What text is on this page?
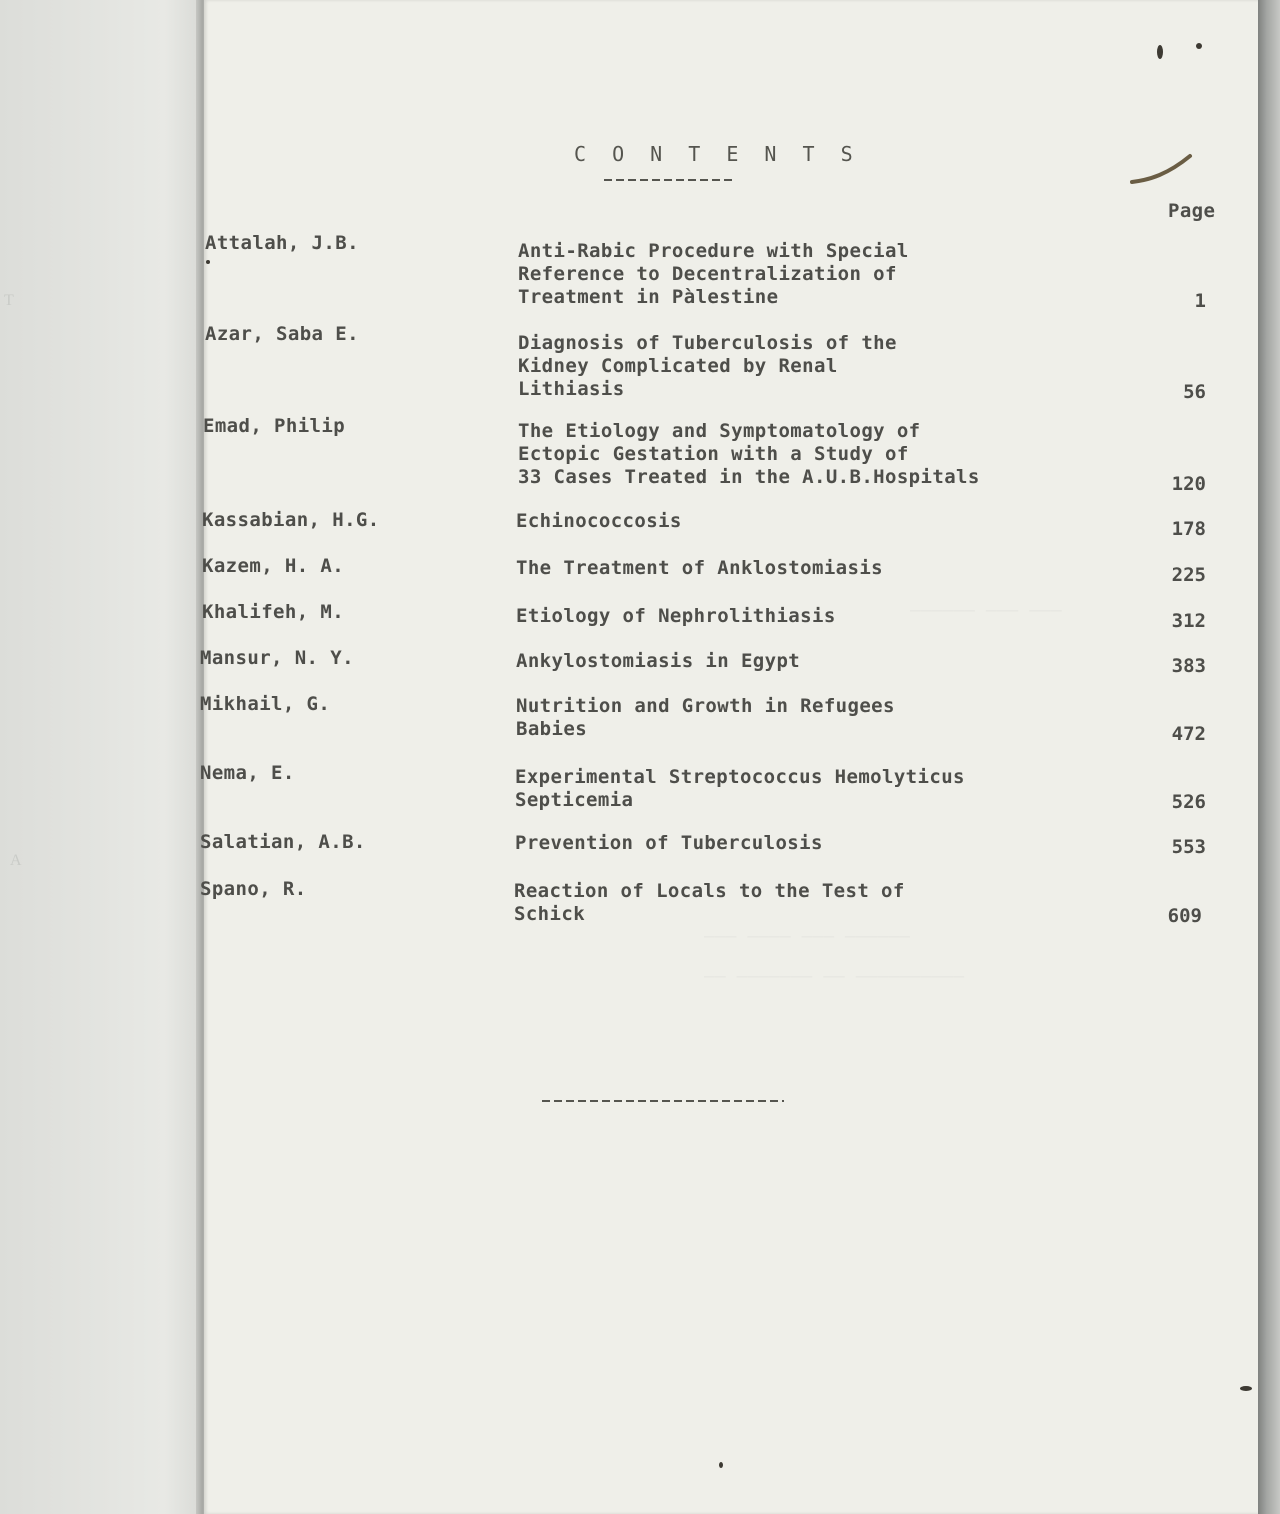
T
A
—————— ——— ———
——— ———— ——— ——————
—— ——————— —— ——————————
C O N T E N T S
Page
Attalah, J.B.	Anti-Rabic Procedure with Special
Reference to Decentralization of
Treatment in Pàlestine	1
Azar, Saba E.	Diagnosis of Tuberculosis of the
Kidney Complicated by Renal
Lithiasis	56
Emad, Philip	The Etiology and Symptomatology of
Ectopic Gestation with a Study of
33 Cases Treated in the A.U.B.Hospitals	120
Kassabian, H.G.	Echinococcosis	178
Kazem, H. A.	The Treatment of Anklostomiasis	225
Khalifeh, M.	Etiology of Nephrolithiasis	312
Mansur, N. Y.	Ankylostomiasis in Egypt	383
Mikhail, G.	Nutrition and Growth in Refugees
Babies	472
Nema, E.	Experimental Streptococcus Hemolyticus
Septicemia	526
Salatian, A.B.	Prevention of Tuberculosis	553
Spano, R.	Reaction of Locals to the Test of
Schick	609
